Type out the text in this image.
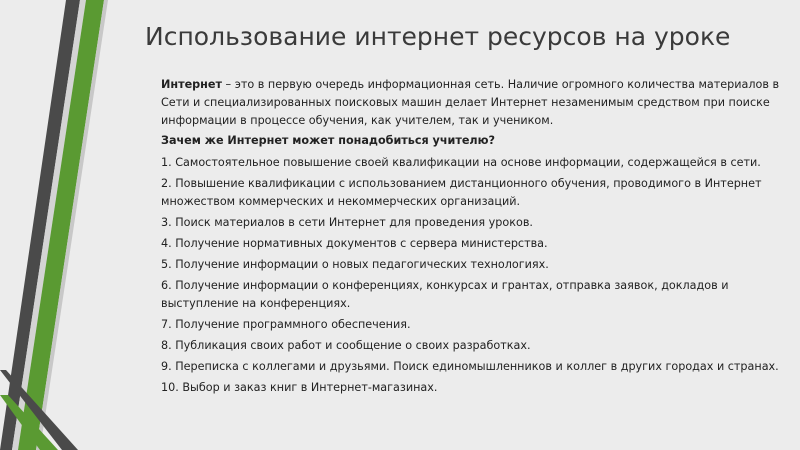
Использование интернет ресурсов на уроке

Интернет – это в первую очередь информационная сеть. Наличие огромного количества материалов в Сети и специализированных поисковых машин делает Интернет незаменимым средством при поиске информации в процессе обучения, как учителем, так и учеником.

Зачем же Интернет может понадобиться учителю?

1. Самостоятельное повышение своей квалификации на основе информации, содержащейся в сети.
2. Повышение квалификации с использованием дистанционного обучения, проводимого в Интернет множеством коммерческих и некоммерческих организаций.
3. Поиск материалов в сети Интернет для проведения уроков.
4. Получение нормативных документов с сервера министерства.
5. Получение информации о новых педагогических технологиях.
6. Получение информации о конференциях, конкурсах и грантах, отправка заявок, докладов и выступление на конференциях.
7. Получение программного обеспечения.
8. Публикация своих работ и сообщение о своих разработках.
9. Переписка с коллегами и друзьями. Поиск единомышленников и коллег в других городах и странах.
10. Выбор и заказ книг в Интернет-магазинах.
